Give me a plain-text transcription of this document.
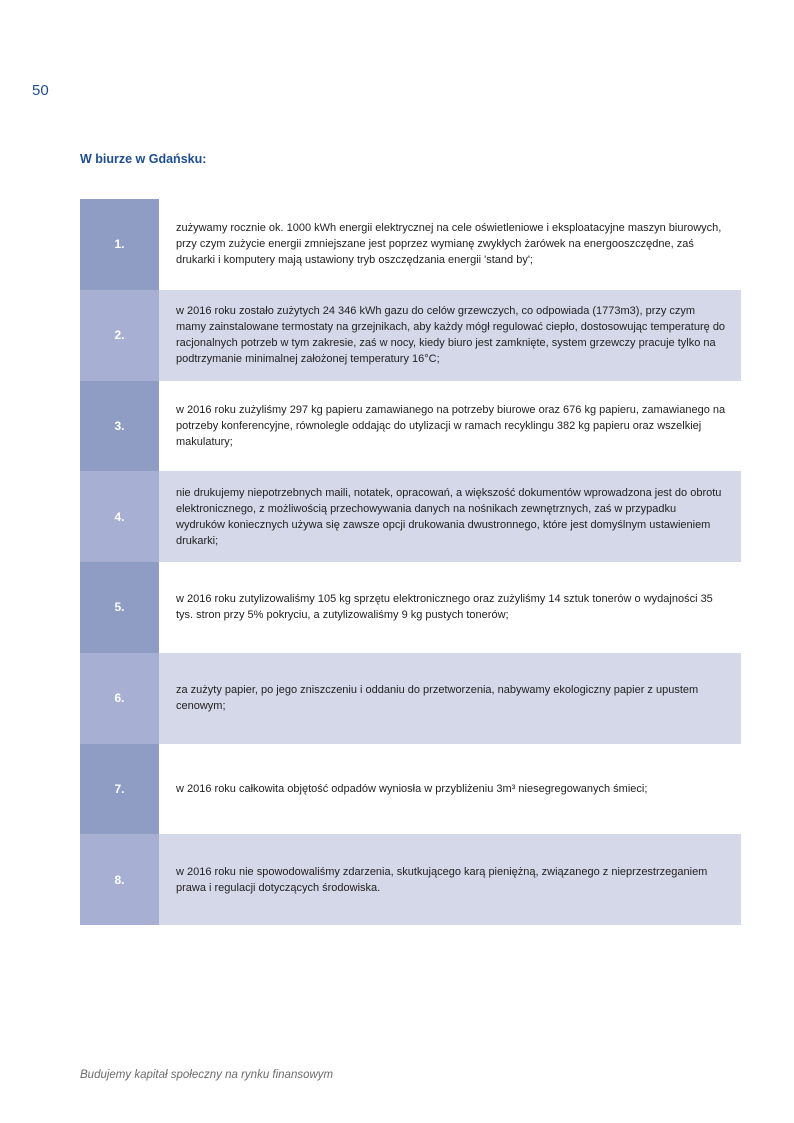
50
W biurze w Gdańsku:
1.
zużywamy rocznie ok. 1000 kWh energii elektrycznej na cele oświetleniowe i eksploatacyjne maszyn biurowych, przy czym zużycie energii zmniejszane jest poprzez wymianę zwykłych żarówek na energooszczędne, zaś drukarki i komputery mają ustawiony tryb oszczędzania energii 'stand by';
2.
w 2016 roku zostało zużytych 24 346 kWh gazu do celów grzewczych, co odpowiada (1773m3), przy czym mamy zainstalowane termostaty na grzejnikach, aby każdy mógł regulować ciepło, dostosowując temperaturę do racjonalnych potrzeb w tym zakresie, zaś w nocy, kiedy biuro jest zamknięte, system grzewczy pracuje tylko na podtrzymanie minimalnej założonej temperatury 16°C;
3.
w 2016 roku zużyliśmy 297 kg papieru zamawianego na potrzeby biurowe oraz 676 kg papieru, zamawianego na potrzeby konferencyjne, równolegle oddając do utylizacji w ramach recyklingu 382 kg papieru oraz wszelkiej makulatury;
4.
nie drukujemy niepotrzebnych maili, notatek, opracowań, a większość dokumentów wprowadzona jest do obrotu elektronicznego, z możliwością przechowywania danych na nośnikach zewnętrznych, zaś w przypadku wydruków koniecznych używa się zawsze opcji drukowania dwustronnego, które jest domyślnym ustawieniem drukarki;
5.
w 2016 roku zutylizowaliśmy 105 kg sprzętu elektronicznego oraz zużyliśmy 14 sztuk tonerów o wydajności 35 tys. stron przy 5% pokryciu, a zutylizowaliśmy 9 kg pustych tonerów;
6.
za zużyty papier, po jego zniszczeniu i oddaniu do przetworzenia, nabywamy ekologiczny papier z upustem cenowym;
7.	w 2016 roku całkowita objętość odpadów wyniosła w przybliżeniu 3m³ niesegregowanych śmieci;
8.
w 2016 roku nie spowodowaliśmy zdarzenia, skutkującego karą pieniężną, związanego z nieprzestrzeganiem prawa i regulacji dotyczących środowiska.
Budujemy kapitał społeczny na rynku finansowym
